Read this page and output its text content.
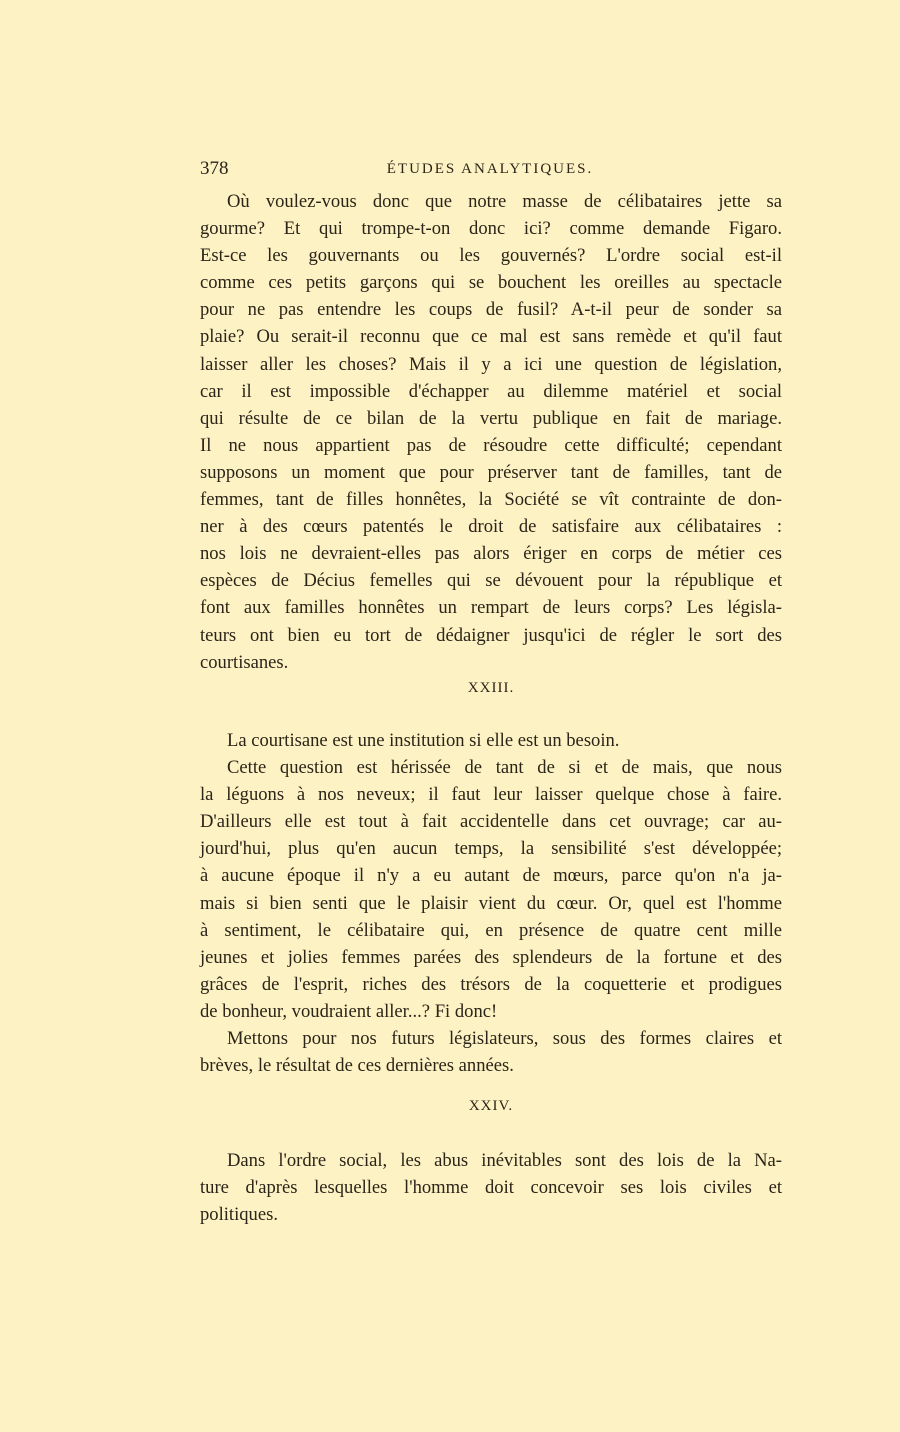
378	ÉTUDES ANALYTIQUES.
Où voulez-vous donc que notre masse de célibataires jette sa
gourme? Et qui trompe-t-on donc ici? comme demande Figaro.
Est-ce les gouvernants ou les gouvernés? L'ordre social est-il
comme ces petits garçons qui se bouchent les oreilles au spectacle
pour ne pas entendre les coups de fusil? A-t-il peur de sonder sa
plaie? Ou serait-il reconnu que ce mal est sans remède et qu'il faut
laisser aller les choses? Mais il y a ici une question de législation,
car il est impossible d'échapper au dilemme matériel et social
qui résulte de ce bilan de la vertu publique en fait de mariage.
Il ne nous appartient pas de résoudre cette difficulté; cependant
supposons un moment que pour préserver tant de familles, tant de
femmes, tant de filles honnêtes, la Société se vît contrainte de don-
ner à des cœurs patentés le droit de satisfaire aux célibataires :
nos lois ne devraient-elles pas alors ériger en corps de métier ces
espèces de Décius femelles qui se dévouent pour la république et
font aux familles honnêtes un rempart de leurs corps? Les législa-
teurs ont bien eu tort de dédaigner jusqu'ici de régler le sort des
courtisanes.
XXIII.
La courtisane est une institution si elle est un besoin.
Cette question est hérissée de tant de si et de mais, que nous
la léguons à nos neveux; il faut leur laisser quelque chose à faire.
D'ailleurs elle est tout à fait accidentelle dans cet ouvrage; car au-
jourd'hui, plus qu'en aucun temps, la sensibilité s'est développée;
à aucune époque il n'y a eu autant de mœurs, parce qu'on n'a ja-
mais si bien senti que le plaisir vient du cœur. Or, quel est l'homme
à sentiment, le célibataire qui, en présence de quatre cent mille
jeunes et jolies femmes parées des splendeurs de la fortune et des
grâces de l'esprit, riches des trésors de la coquetterie et prodigues
de bonheur, voudraient aller...? Fi donc!
Mettons pour nos futurs législateurs, sous des formes claires et
brèves, le résultat de ces dernières années.
XXIV.
Dans l'ordre social, les abus inévitables sont des lois de la Na-
ture d'après lesquelles l'homme doit concevoir ses lois civiles et
politiques.
